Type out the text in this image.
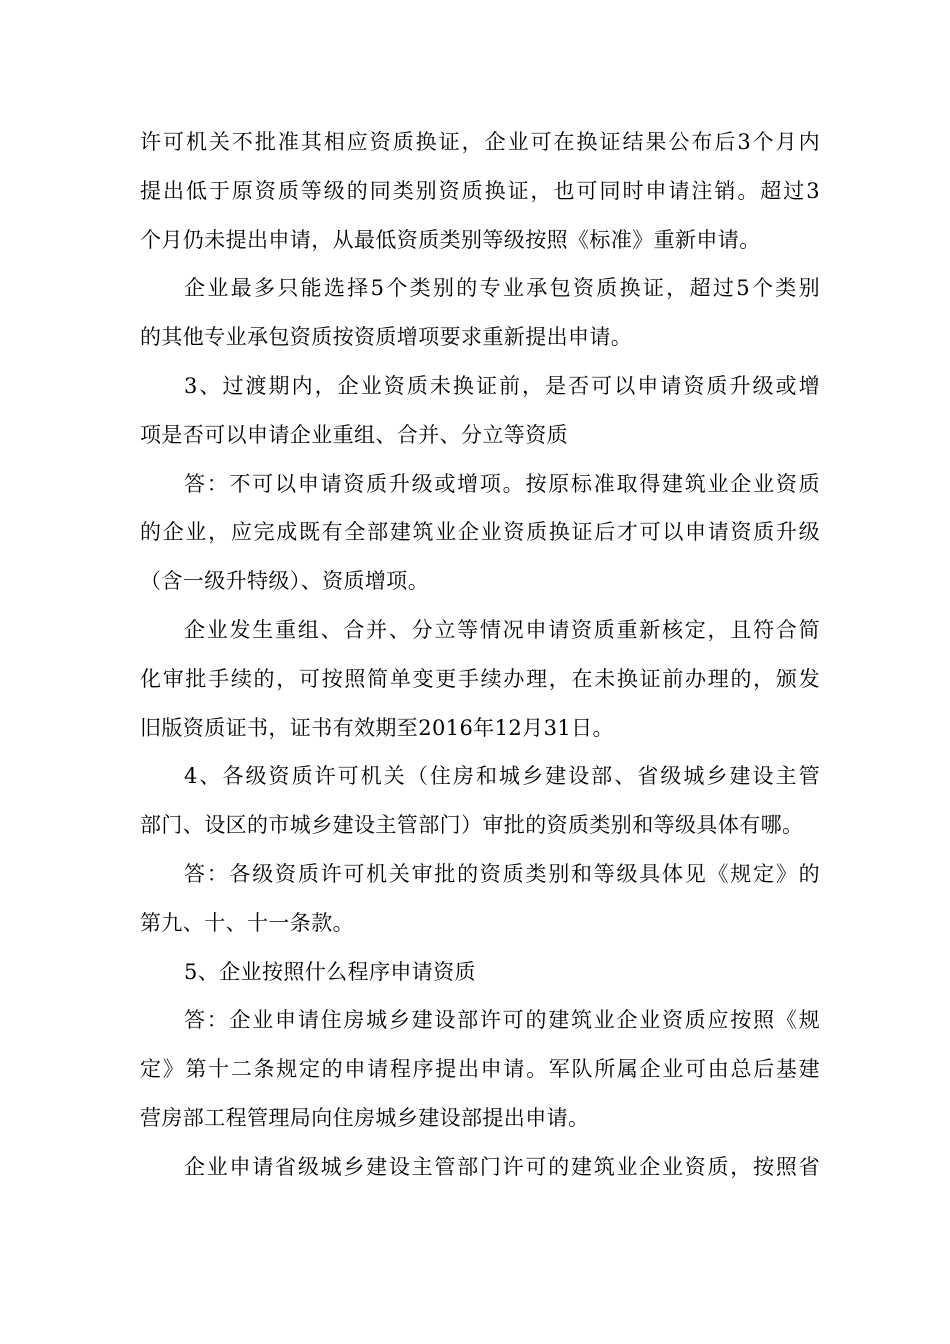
许可机关不批准其相应资质换证，企业可在换证结果公布后3个月内
提出低于原资质等级的同类别资质换证，也可同时申请注销。超过3
个月仍未提出申请，从最低资质类别等级按照《标准》重新申请。
企业最多只能选择5个类别的专业承包资质换证，超过5个类别
的其他专业承包资质按资质增项要求重新提出申请。
3、过渡期内，企业资质未换证前，是否可以申请资质升级或增
项是否可以申请企业重组、合并、分立等资质
答：不可以申请资质升级或增项。按原标准取得建筑业企业资质
的企业，应完成既有全部建筑业企业资质换证后才可以申请资质升级
（含一级升特级）、资质增项。
企业发生重组、合并、分立等情况申请资质重新核定，且符合简
化审批手续的，可按照简单变更手续办理，在未换证前办理的，颁发
旧版资质证书，证书有效期至2016年12月31日。
4、各级资质许可机关（住房和城乡建设部、省级城乡建设主管
部门、设区的市城乡建设主管部门）审批的资质类别和等级具体有哪。
答：各级资质许可机关审批的资质类别和等级具体见《规定》的
第九、十、十一条款。
5、企业按照什么程序申请资质
答：企业申请住房城乡建设部许可的建筑业企业资质应按照《规
定》第十二条规定的申请程序提出申请。军队所属企业可由总后基建
营房部工程管理局向住房城乡建设部提出申请。
企业申请省级城乡建设主管部门许可的建筑业企业资质，按照省
